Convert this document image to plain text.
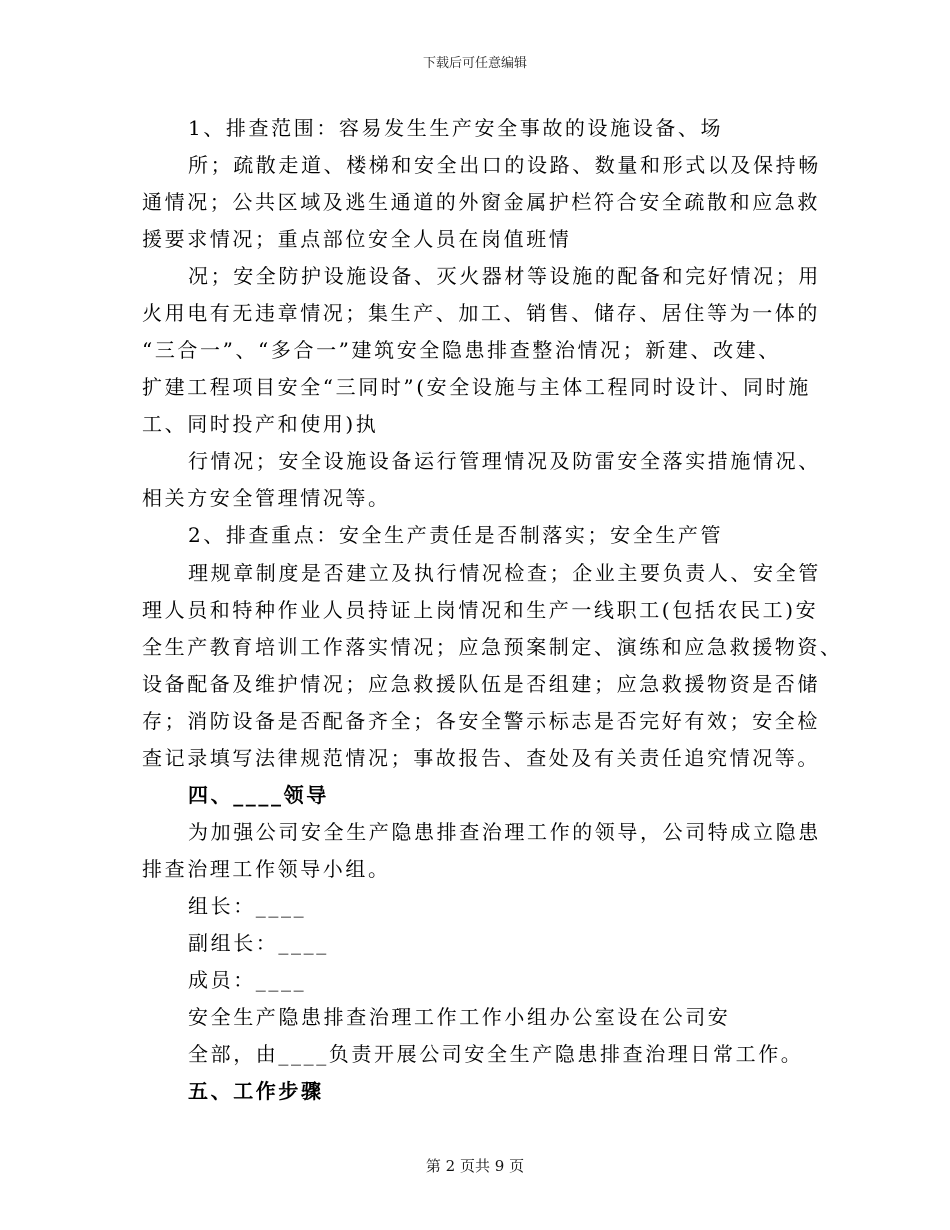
下载后可任意编辑
1、排查范围：容易发生生产安全事故的设施设备、场
所；疏散走道、楼梯和安全出口的设路、数量和形式以及保持畅
通情况；公共区域及逃生通道的外窗金属护栏符合安全疏散和应急救
援要求情况；重点部位安全人员在岗值班情
况；安全防护设施设备、灭火器材等设施的配备和完好情况；用
火用电有无违章情况；集生产、加工、销售、储存、居住等为一体的
“三合一”、“多合一”建筑安全隐患排查整治情况；新建、改建、
扩建工程项目安全“三同时”(安全设施与主体工程同时设计、同时施
工、同时投产和使用)执
行情况；安全设施设备运行管理情况及防雷安全落实措施情况、
相关方安全管理情况等。
2、排查重点：安全生产责任是否制落实；安全生产管
理规章制度是否建立及执行情况检查；企业主要负责人、安全管
理人员和特种作业人员持证上岗情况和生产一线职工(包括农民工)安
全生产教育培训工作落实情况；应急预案制定、演练和应急救援物资、
设备配备及维护情况；应急救援队伍是否组建；应急救援物资是否储
存；消防设备是否配备齐全；各安全警示标志是否完好有效；安全检
查记录填写法律规范情况；事故报告、查处及有关责任追究情况等。
四、____领导
为加强公司安全生产隐患排查治理工作的领导，公司特成立隐患
排查治理工作领导小组。
组长：____
副组长：____
成员：____
安全生产隐患排查治理工作工作小组办公室设在公司安
全部，由____负责开展公司安全生产隐患排查治理日常工作。
五、工作步骤
第 2 页共 9 页
